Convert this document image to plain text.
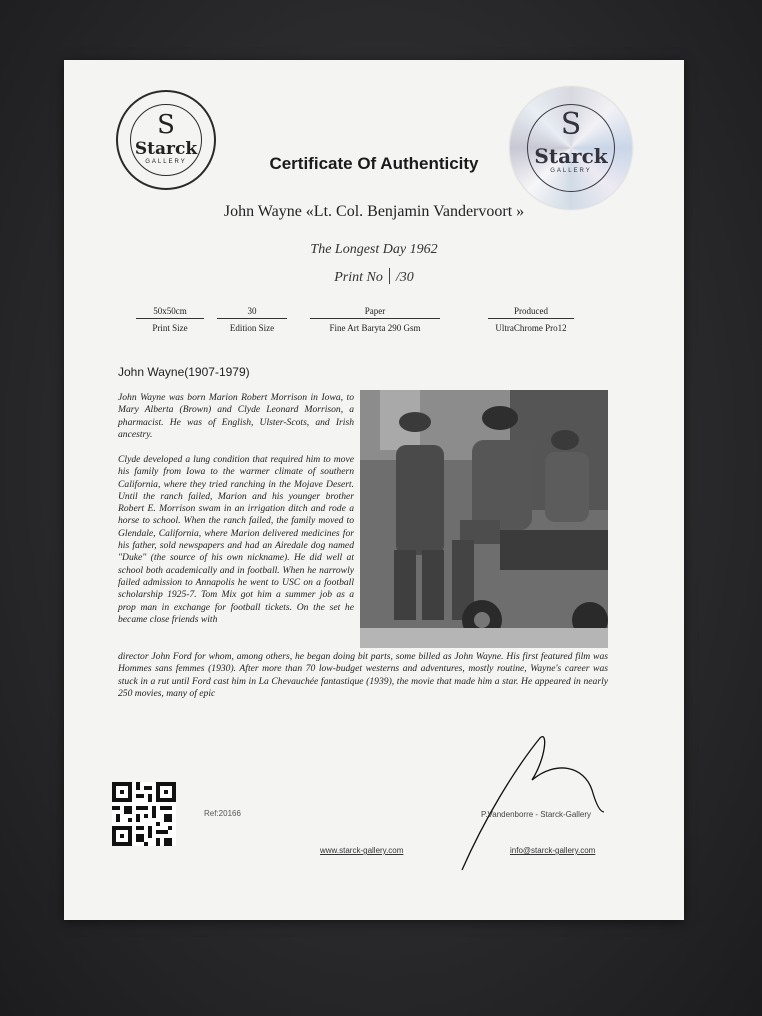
S
Starck
GALLERY
S
Starck
GALLERY
Certificate Of Authenticity
John Wayne «Lt. Col. Benjamin Vandervoort »
The Longest Day 1962
Print No /30
50x50cm
Print Size
30
Edition Size
Paper
Fine Art Baryta 290 Gsm
Produced
UltraChrome Pro12
John Wayne(1907-1979)

John Wayne was born Marion Robert Morrison in Iowa, to Mary Alberta (Brown) and Clyde Leonard Morrison, a pharmacist. He was of English, Ulster-Scots, and Irish ancestry.

Clyde developed a lung condition that required him to move his family from Iowa to the warmer climate of southern California, where they tried ranching in the Mojave Desert. Until the ranch failed, Marion and his younger brother Robert E. Morrison swam in an irrigation ditch and rode a horse to school. When the ranch failed, the family moved to Glendale, California, where Marion delivered medicines for his father, sold newspapers and had an Airedale dog named "Duke" (the source of his own nickname). He did well at school both academically and in football. When he narrowly failed admission to Annapolis he went to USC on a football scholarship 1925-7. Tom Mix got him a summer job as a prop man in exchange for football tickets. On the set he became close friends with

director John Ford for whom, among others, he began doing bit parts, some billed as John Wayne. His first featured film was Hommes sans femmes (1930). After more than 70 low-budget westerns and adventures, mostly routine, Wayne's career was stuck in a rut until Ford cast him in La Chevauchée fantastique (1939), the movie that made him a star. He appeared in nearly 250 movies, many of epic

Ref:20166	P.Vandenborre - Starck-Gallery
www.starck-gallery.com	info@starck-gallery.com
